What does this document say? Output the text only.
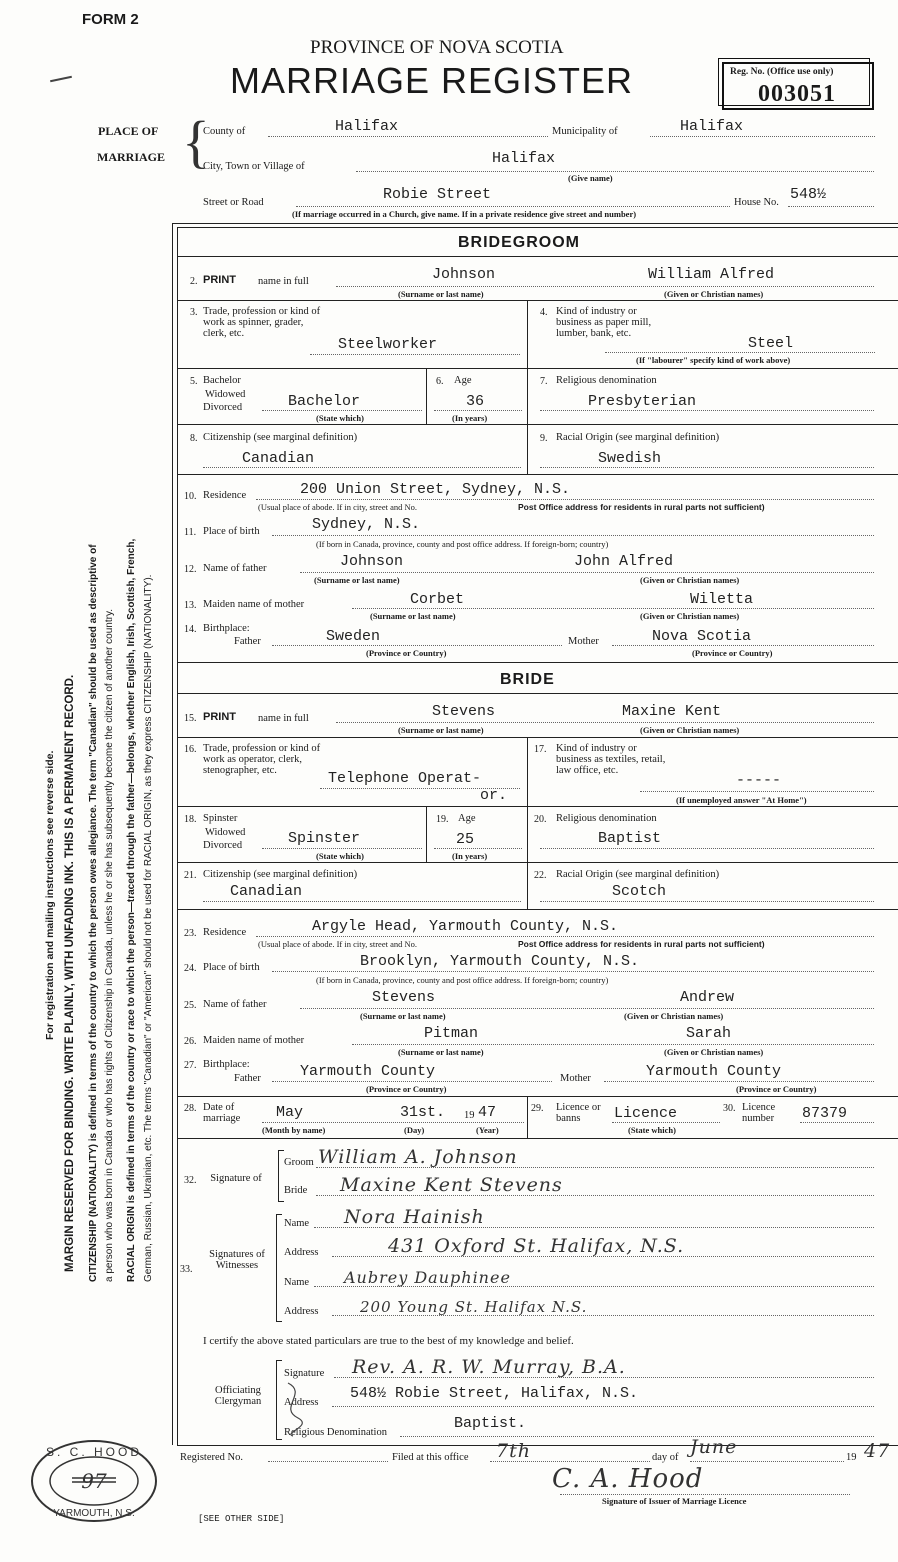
For registration and mailing instructions see reverse side. MARGIN RESERVED FOR BINDING. WRITE PLAINLY, WITH UNFADING INK. THIS IS A PERMANENT RECORD. CITIZENSHIP (NATIONALITY) is defined in terms of the country to which the person owes allegiance. The term "Canadian" should be used as descriptive of a person who was born in Canada or who has rights of Citizenship in Canada, unless he or she has subsequently become the citizen of another country. RACIAL ORIGIN is defined in terms of the country or race to which the person—traced through the father—belongs, whether English, Irish, Scottish, French, German, Russian, Ukrainian, etc. The terms "Canadian" or "American" should not be used for RACIAL ORIGIN, as they express CITIZENSHIP (NATIONALITY).
FORM 2
PROVINCE OF NOVA SCOTIA
MARRIAGE REGISTER	Reg. No. (Office use only)
003051
PLACE OF
MARRIAGE {
County of	Halifax	Municipality of	Halifax
City, Town or Village of	Halifax
(Give name)
Street or Road	Robie Street	House No. 548½
(If marriage occurred in a Church, give name. If in a private residence give street and number)
BRIDEGROOM
2. PRINT name in full	Johnson	William Alfred
(Surname or last name)	(Given or Christian names)
3. Trade, profession or kind of work as spinner, grader, clerk, etc.
Steelworker
4. Kind of industry or business as paper mill, lumber, bank, etc.
Steel
(If "labourer" specify kind of work above)
5. Bachelor
Widowed
Divorced	Bachelor
(State which)
6. Age
36
(In years)
7. Religious denomination
Presbyterian
8. Citizenship (see marginal definition)
Canadian
9. Racial Origin (see marginal definition)
Swedish
10. Residence	200 Union Street, Sydney, N.S.
(Usual place of abode. If in city, street and No.	Post Office address for residents in rural parts not sufficient)
11. Place of birth	Sydney, N.S.
(If born in Canada, province, county and post office address. If foreign-born; country)
12. Name of father	Johnson	John Alfred
(Surname or last name)	(Given or Christian names)
13. Maiden name of mother	Corbet	Wiletta
(Surname or last name)	(Given or Christian names)
14. Birthplace:
Father	Sweden	Mother	Nova Scotia
(Province or Country)	(Province or Country)
BRIDE
15. PRINT name in full	Stevens	Maxine Kent
(Surname or last name)	(Given or Christian names)
16. Trade, profession or kind of work as operator, clerk, stenographer, etc.	Telephone Operat-
or.
17. Kind of industry or business as textiles, retail, law office, etc.
-----
(If unemployed answer "At Home")
18. Spinster
Widowed
Divorced	Spinster
(State which)
19. Age
25
(In years)
20. Religious denomination
Baptist
21. Citizenship (see marginal definition)
Canadian
22. Racial Origin (see marginal definition)
Scotch
23. Residence	Argyle Head, Yarmouth County, N.S.
(Usual place of abode. If in city, street and No.	Post Office address for residents in rural parts not sufficient)
24. Place of birth	Brooklyn, Yarmouth County, N.S.
(If born in Canada, province, county and post office address. If foreign-born; country)
25. Name of father	Stevens	Andrew
(Surname or last name)	(Given or Christian names)
26. Maiden name of mother	Pitman	Sarah
(Surname or last name)	(Given or Christian names)
27. Birthplace:
Father	Yarmouth County	Mother	Yarmouth County
(Province or Country)	(Province or Country)
28. Date of marriage	May	31st. 19 47
(Month by name)	(Day)	(Year)
29. Licence or banns	Licence
(State which)
30. Licence number	87379
32.	Signature of
Groom William A. Johnson
Bride Maxine Kent Stevens
33.
Signatures of Witnesses
Name Nora Hainish
Address	431 Oxford St. Halifax, N.S.
Name Aubrey Dauphinee
Address	200 Young St. Halifax N.S.
I certify the above stated particulars are true to the best of my knowledge and belief.
Officiating Clergyman
Signature Rev. A. R. W. Murray, B.A.
Address
548½ Robie Street, Halifax, N.S.
Religious Denomination
Baptist.
Registered No.	Filed at this office 7th	day of June	19 47
C. A. Hood
Signature of Issuer of Marriage Licence
[SEE OTHER SIDE]
S. C. HOOD
97
YARMOUTH, N.S.
